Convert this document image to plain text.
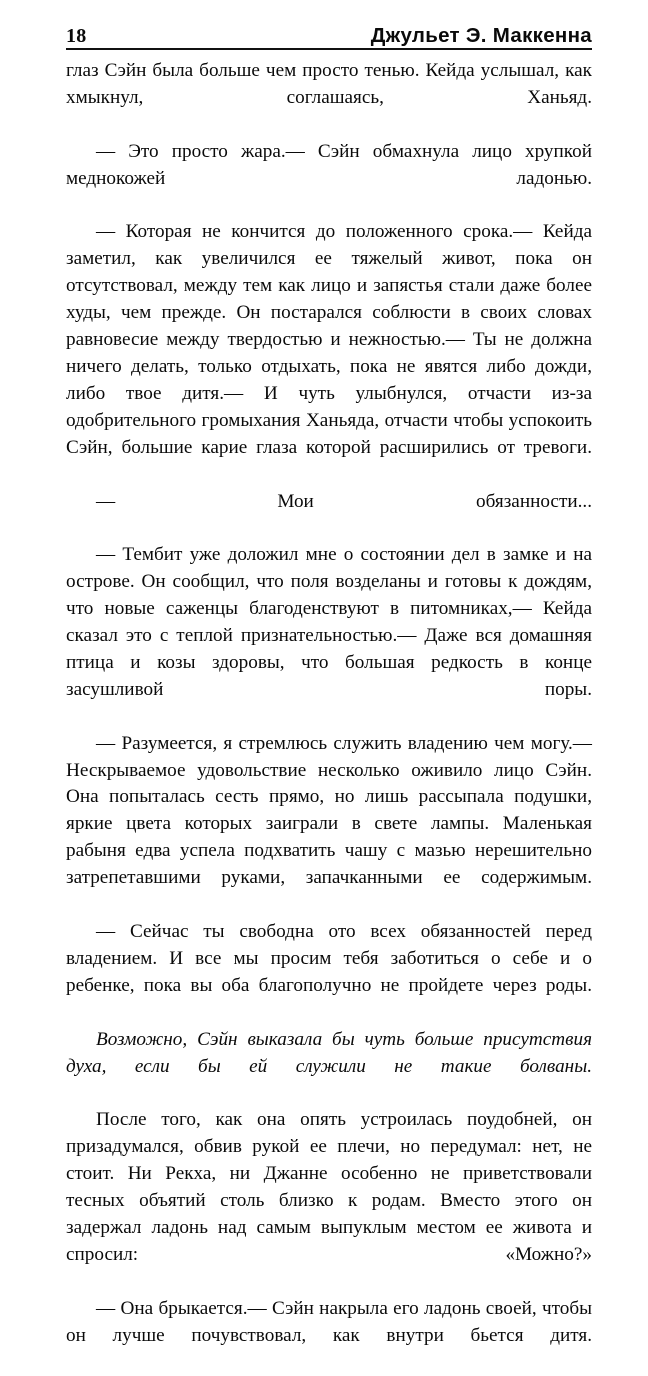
18	Джульет Э. Маккенна

глаз Сэйн была больше чем просто тенью. Кейда услышал, как хмыкнул, соглашаясь, Ханьяд.

— Это просто жара.— Сэйн обмахнула лицо хрупкой меднокожей ладонью.

— Которая не кончится до положенного срока.— Кейда заметил, как увеличился ее тяжелый живот, пока он отсутствовал, между тем как лицо и запястья стали даже более худы, чем прежде. Он постарался соблюсти в своих словах равновесие между твердостью и нежностью.— Ты не должна ничего делать, только отдыхать, пока не явятся либо дожди, либо твое дитя.— И чуть улыбнулся, отчасти из-за одобрительного громыхания Ханьяда, отчасти чтобы успокоить Сэйн, большие карие глаза которой расширились от тревоги.

— Мои обязанности...

— Тембит уже доложил мне о состоянии дел в замке и на острове. Он сообщил, что поля возделаны и готовы к дождям, что новые саженцы благоденствуют в питомниках,— Кейда сказал это с теплой признательностью.— Даже вся домашняя птица и козы здоровы, что большая редкость в конце засушливой поры.

— Разумеется, я стремлюсь служить владению чем могу.— Нескрываемое удовольствие несколько оживило лицо Сэйн. Она попыталась сесть прямо, но лишь рассыпала подушки, яркие цвета которых заиграли в свете лампы. Маленькая рабыня едва успела подхватить чашу с мазью нерешительно затрепетавшими руками, запачканными ее содержимым.

— Сейчас ты свободна ото всех обязанностей перед владением. И все мы просим тебя заботиться о себе и о ребенке, пока вы оба благополучно не пройдете через роды.

Возможно, Сэйн выказала бы чуть больше присутствия духа, если бы ей служили не такие болваны.

После того, как она опять устроилась поудобней, он призадумался, обвив рукой ее плечи, но передумал: нет, не стоит. Ни Рекха, ни Джанне особенно не приветствовали тесных объятий столь близко к родам. Вместо этого он задержал ладонь над самым выпуклым местом ее живота и спросил: «Можно?»

— Она брыкается.— Сэйн накрыла его ладонь своей, чтобы он лучше почувствовал, как внутри бьется дитя.
